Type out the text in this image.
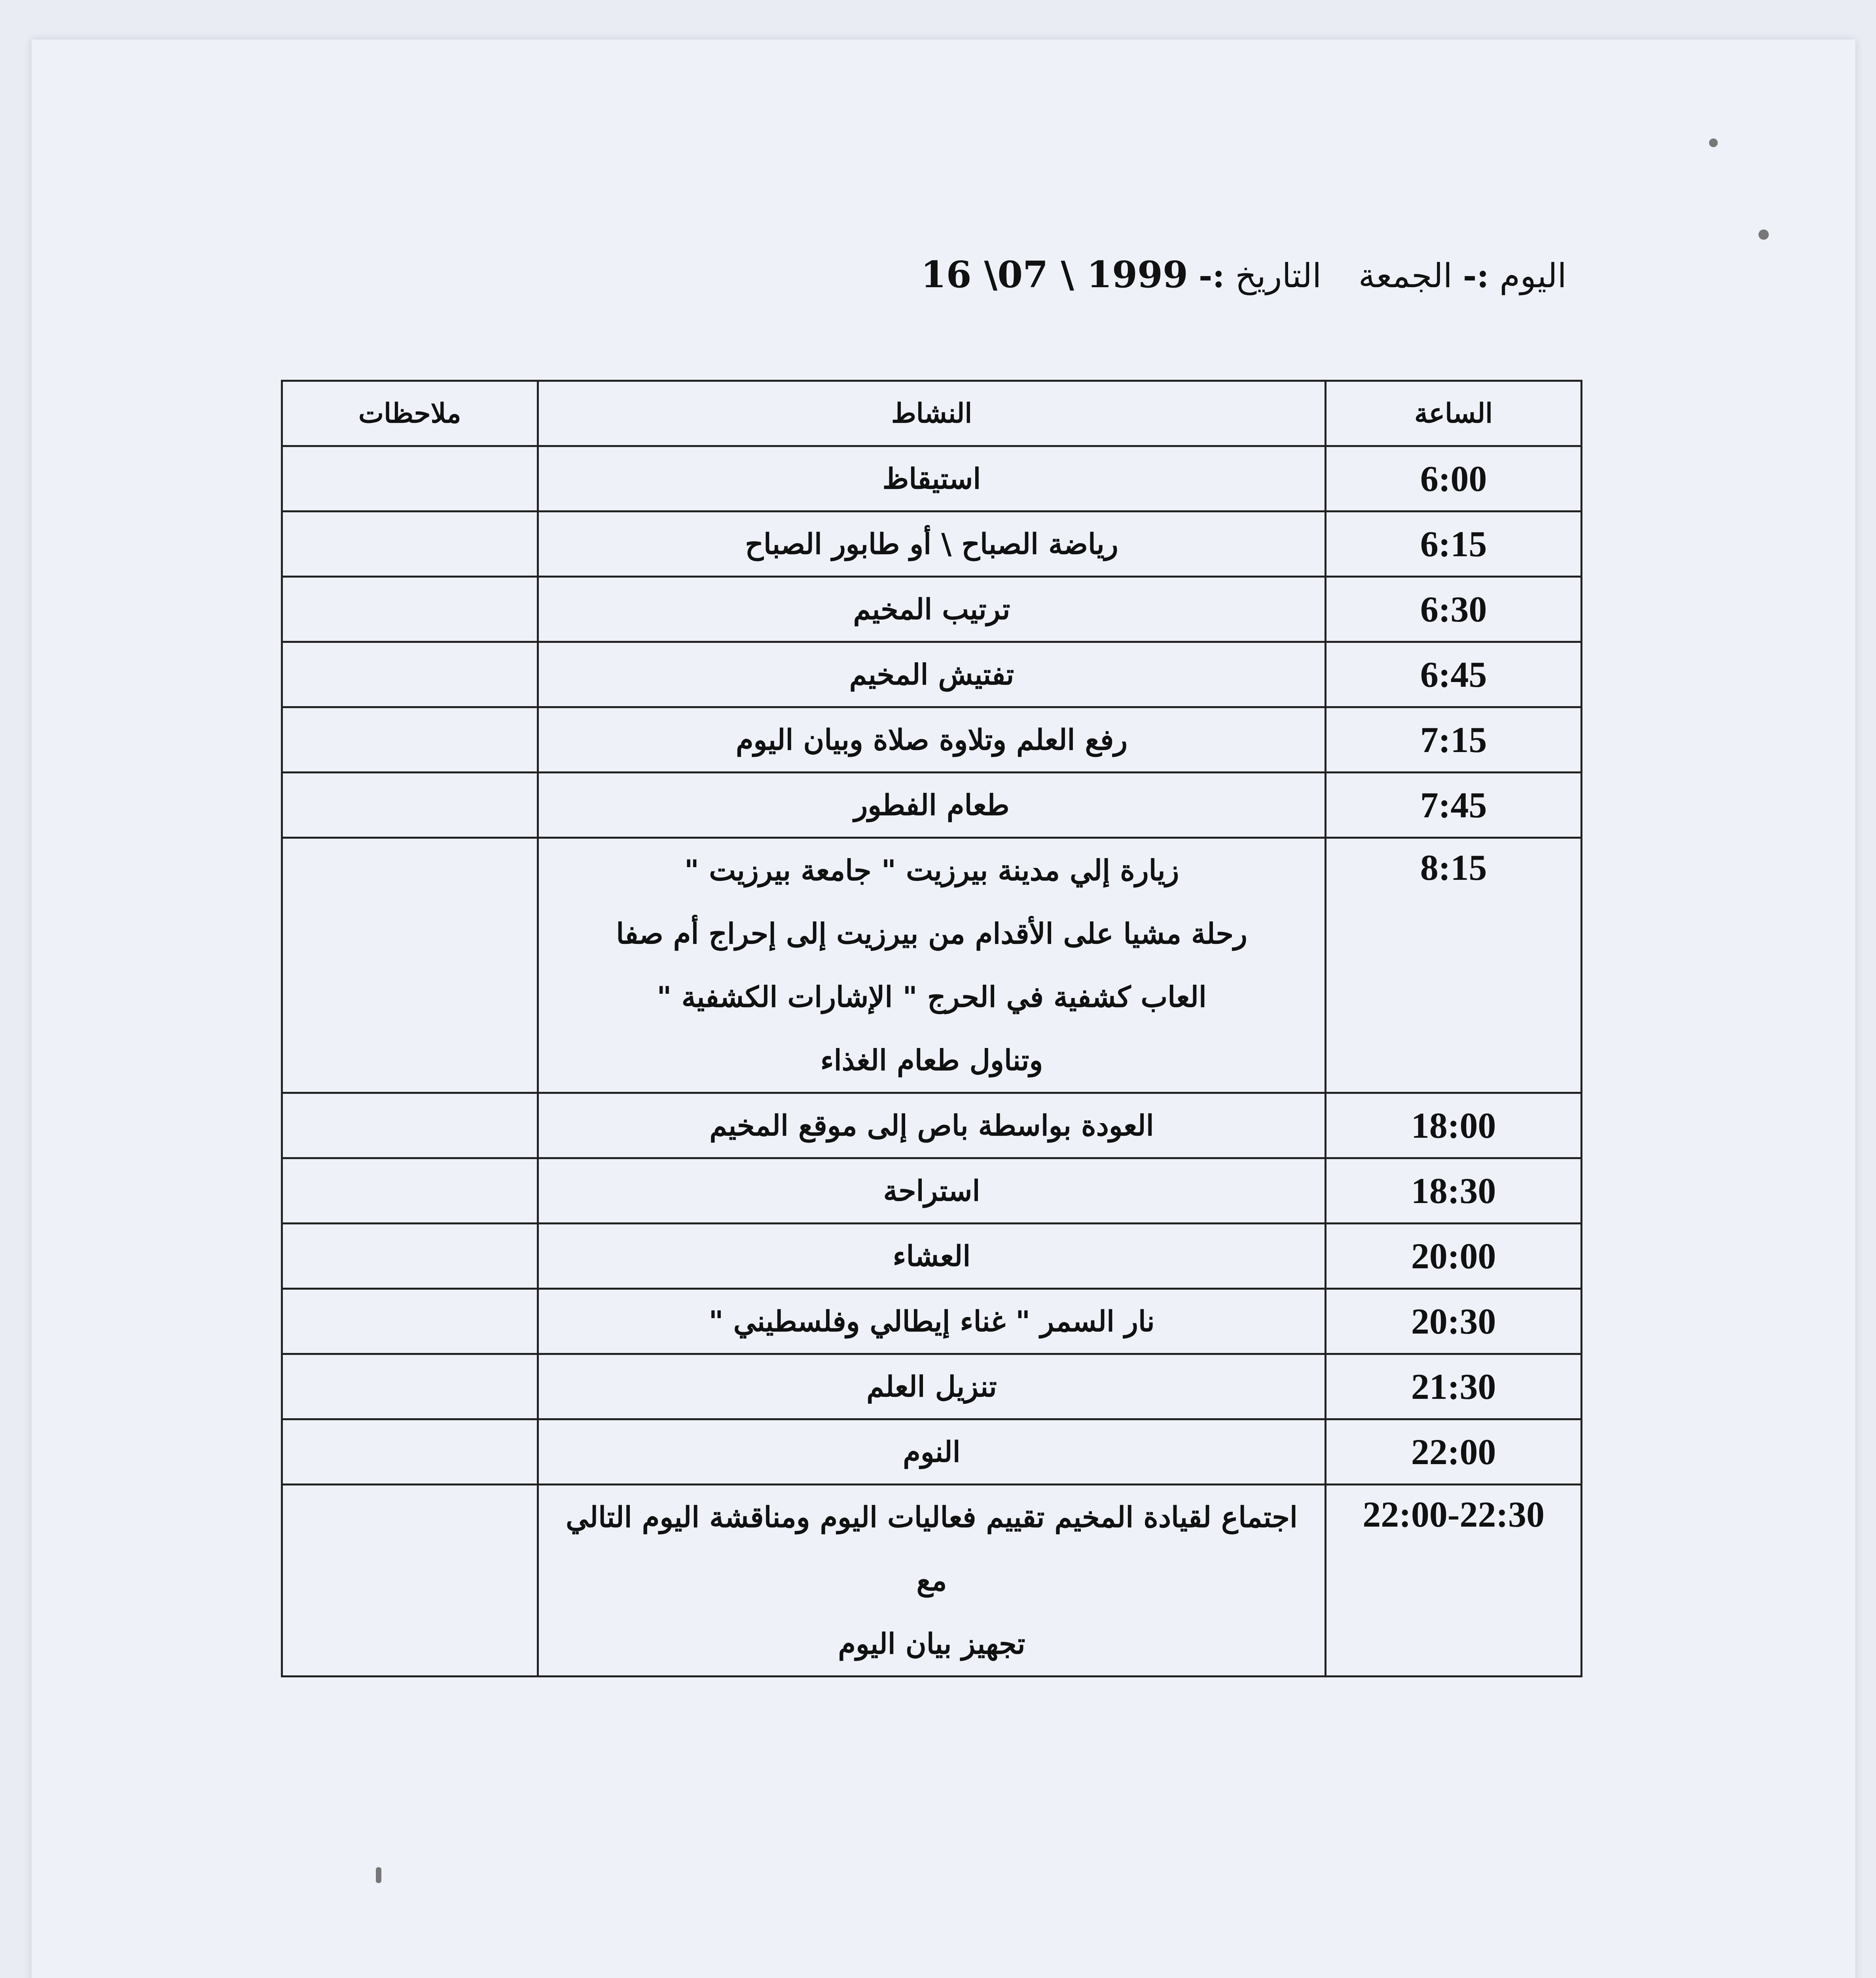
اليوم :- الجمعة  التاريخ :- 16 \07 \ 1999
الساعة	النشاط	ملاحظات
6:00	استيقاظ	

6:15	رياضة الصباح \ أو طابور الصباح	

6:30	ترتيب المخيم	

6:45	تفتيش المخيم	

7:15	رفع العلم وتلاوة صلاة وبيان اليوم	

7:45	طعام الفطور	

8:15	زيارة إلي مدينة بيرزيت " جامعة بيرزيت "
رحلة مشيا على الأقدام من بيرزيت إلى إحراج أم صفا
العاب كشفية في الحرج " الإشارات الكشفية "
وتناول طعام الغذاء	

18:00	العودة بواسطة باص إلى موقع المخيم	

18:30	استراحة	

20:00	العشاء	

20:30	نار السمر " غناء إيطالي وفلسطيني "	

21:30	تنزيل العلم	

22:00	النوم	

22:00-22:30	اجتماع لقيادة المخيم تقييم فعاليات اليوم ومناقشة اليوم التالي مع
تجهيز بيان اليوم	
